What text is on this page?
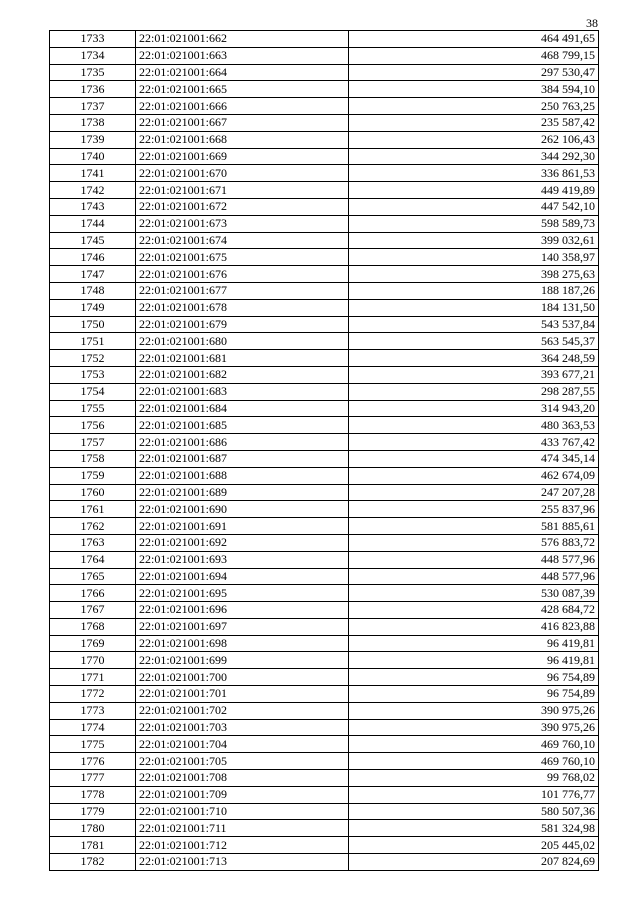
38
1733	22:01:021001:662	464 491,65
1734	22:01:021001:663	468 799,15
1735	22:01:021001:664	297 530,47
1736	22:01:021001:665	384 594,10
1737	22:01:021001:666	250 763,25
1738	22:01:021001:667	235 587,42
1739	22:01:021001:668	262 106,43
1740	22:01:021001:669	344 292,30
1741	22:01:021001:670	336 861,53
1742	22:01:021001:671	449 419,89
1743	22:01:021001:672	447 542,10
1744	22:01:021001:673	598 589,73
1745	22:01:021001:674	399 032,61
1746	22:01:021001:675	140 358,97
1747	22:01:021001:676	398 275,63
1748	22:01:021001:677	188 187,26
1749	22:01:021001:678	184 131,50
1750	22:01:021001:679	543 537,84
1751	22:01:021001:680	563 545,37
1752	22:01:021001:681	364 248,59
1753	22:01:021001:682	393 677,21
1754	22:01:021001:683	298 287,55
1755	22:01:021001:684	314 943,20
1756	22:01:021001:685	480 363,53
1757	22:01:021001:686	433 767,42
1758	22:01:021001:687	474 345,14
1759	22:01:021001:688	462 674,09
1760	22:01:021001:689	247 207,28
1761	22:01:021001:690	255 837,96
1762	22:01:021001:691	581 885,61
1763	22:01:021001:692	576 883,72
1764	22:01:021001:693	448 577,96
1765	22:01:021001:694	448 577,96
1766	22:01:021001:695	530 087,39
1767	22:01:021001:696	428 684,72
1768	22:01:021001:697	416 823,88
1769	22:01:021001:698	96 419,81
1770	22:01:021001:699	96 419,81
1771	22:01:021001:700	96 754,89
1772	22:01:021001:701	96 754,89
1773	22:01:021001:702	390 975,26
1774	22:01:021001:703	390 975,26
1775	22:01:021001:704	469 760,10
1776	22:01:021001:705	469 760,10
1777	22:01:021001:708	99 768,02
1778	22:01:021001:709	101 776,77
1779	22:01:021001:710	580 507,36
1780	22:01:021001:711	581 324,98
1781	22:01:021001:712	205 445,02
1782	22:01:021001:713	207 824,69
